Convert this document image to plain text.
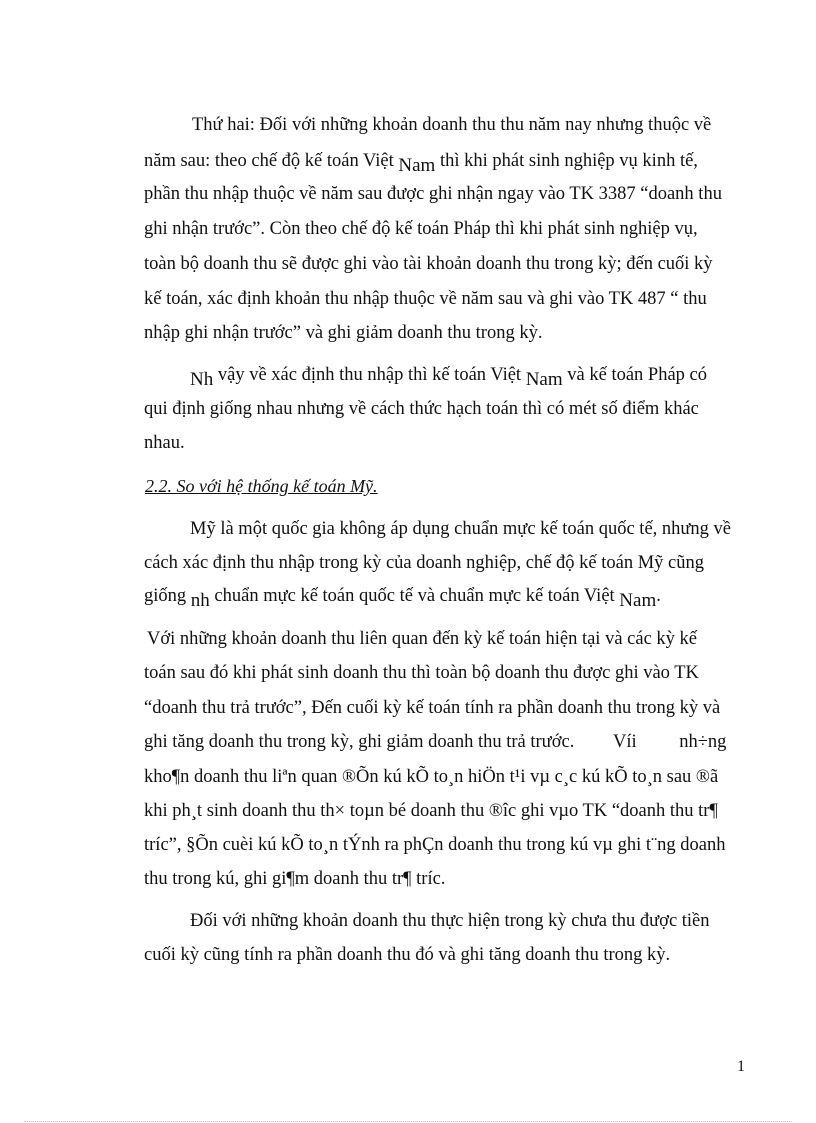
Thứ hai: Đối với những khoản doanh thu thu năm nay nhưng thuộc về
năm sau: theo chế độ kế toán Việt Nam thì khi phát sinh nghiệp vụ kinh tế,
phần thu nhập thuộc về năm sau được ghi nhận ngay vào TK 3387 “doanh thu
ghi nhận trước”. Còn theo chế độ kế toán Pháp thì khi phát sinh nghiệp vụ,
toàn bộ doanh thu sẽ được ghi vào tài khoản doanh thu trong kỳ; đến cuối kỳ
kế toán, xác định khoản thu nhập thuộc về năm sau và ghi vào TK 487 “ thu
nhập ghi nhận trước” và ghi giảm doanh thu trong kỳ.
Nh vậy về xác định thu nhập thì kế toán Việt Nam và kế toán Pháp có
qui định giống nhau nhưng về cách thức hạch toán thì có mét số điểm khác
nhau.
2.2. So với hệ thống kế toán Mỹ.
Mỹ là một quốc gia không áp dụng chuẩn mực kế toán quốc tế, nhưng về
cách xác định thu nhập trong kỳ của doanh nghiệp, chế độ kế toán Mỹ cũng
giống nh chuẩn mực kế toán quốc tế và chuẩn mực kế toán Việt Nam.
Với những khoản doanh thu liên quan đến kỳ kế toán hiện tại và các kỳ kế
toán sau đó khi phát sinh doanh thu thì toàn bộ doanh thu được ghi vào TK
“doanh thu trả trước”, Đến cuối kỳ kế toán tính ra phần doanh thu trong kỳ và
ghi tăng doanh thu trong kỳ, ghi giảm doanh thu trả trước. Víi nh÷ng
kho¶n doanh thu liªn quan ®Õn kú kÕ to¸n hiÖn t¹i vµ c¸c kú kÕ to¸n sau ®ã
khi ph¸t sinh doanh thu th× toµn bé doanh thu ®îc ghi vµo TK “doanh thu tr¶
tríc”, §Õn cuèi kú kÕ to¸n tÝnh ra phÇn doanh thu trong kú vµ ghi t¨ng doanh
thu trong kú, ghi gi¶m doanh thu tr¶ tríc.
Đối với những khoản doanh thu thực hiện trong kỳ chưa thu được tiền
cuối kỳ cũng tính ra phần doanh thu đó và ghi tăng doanh thu trong kỳ.
1
